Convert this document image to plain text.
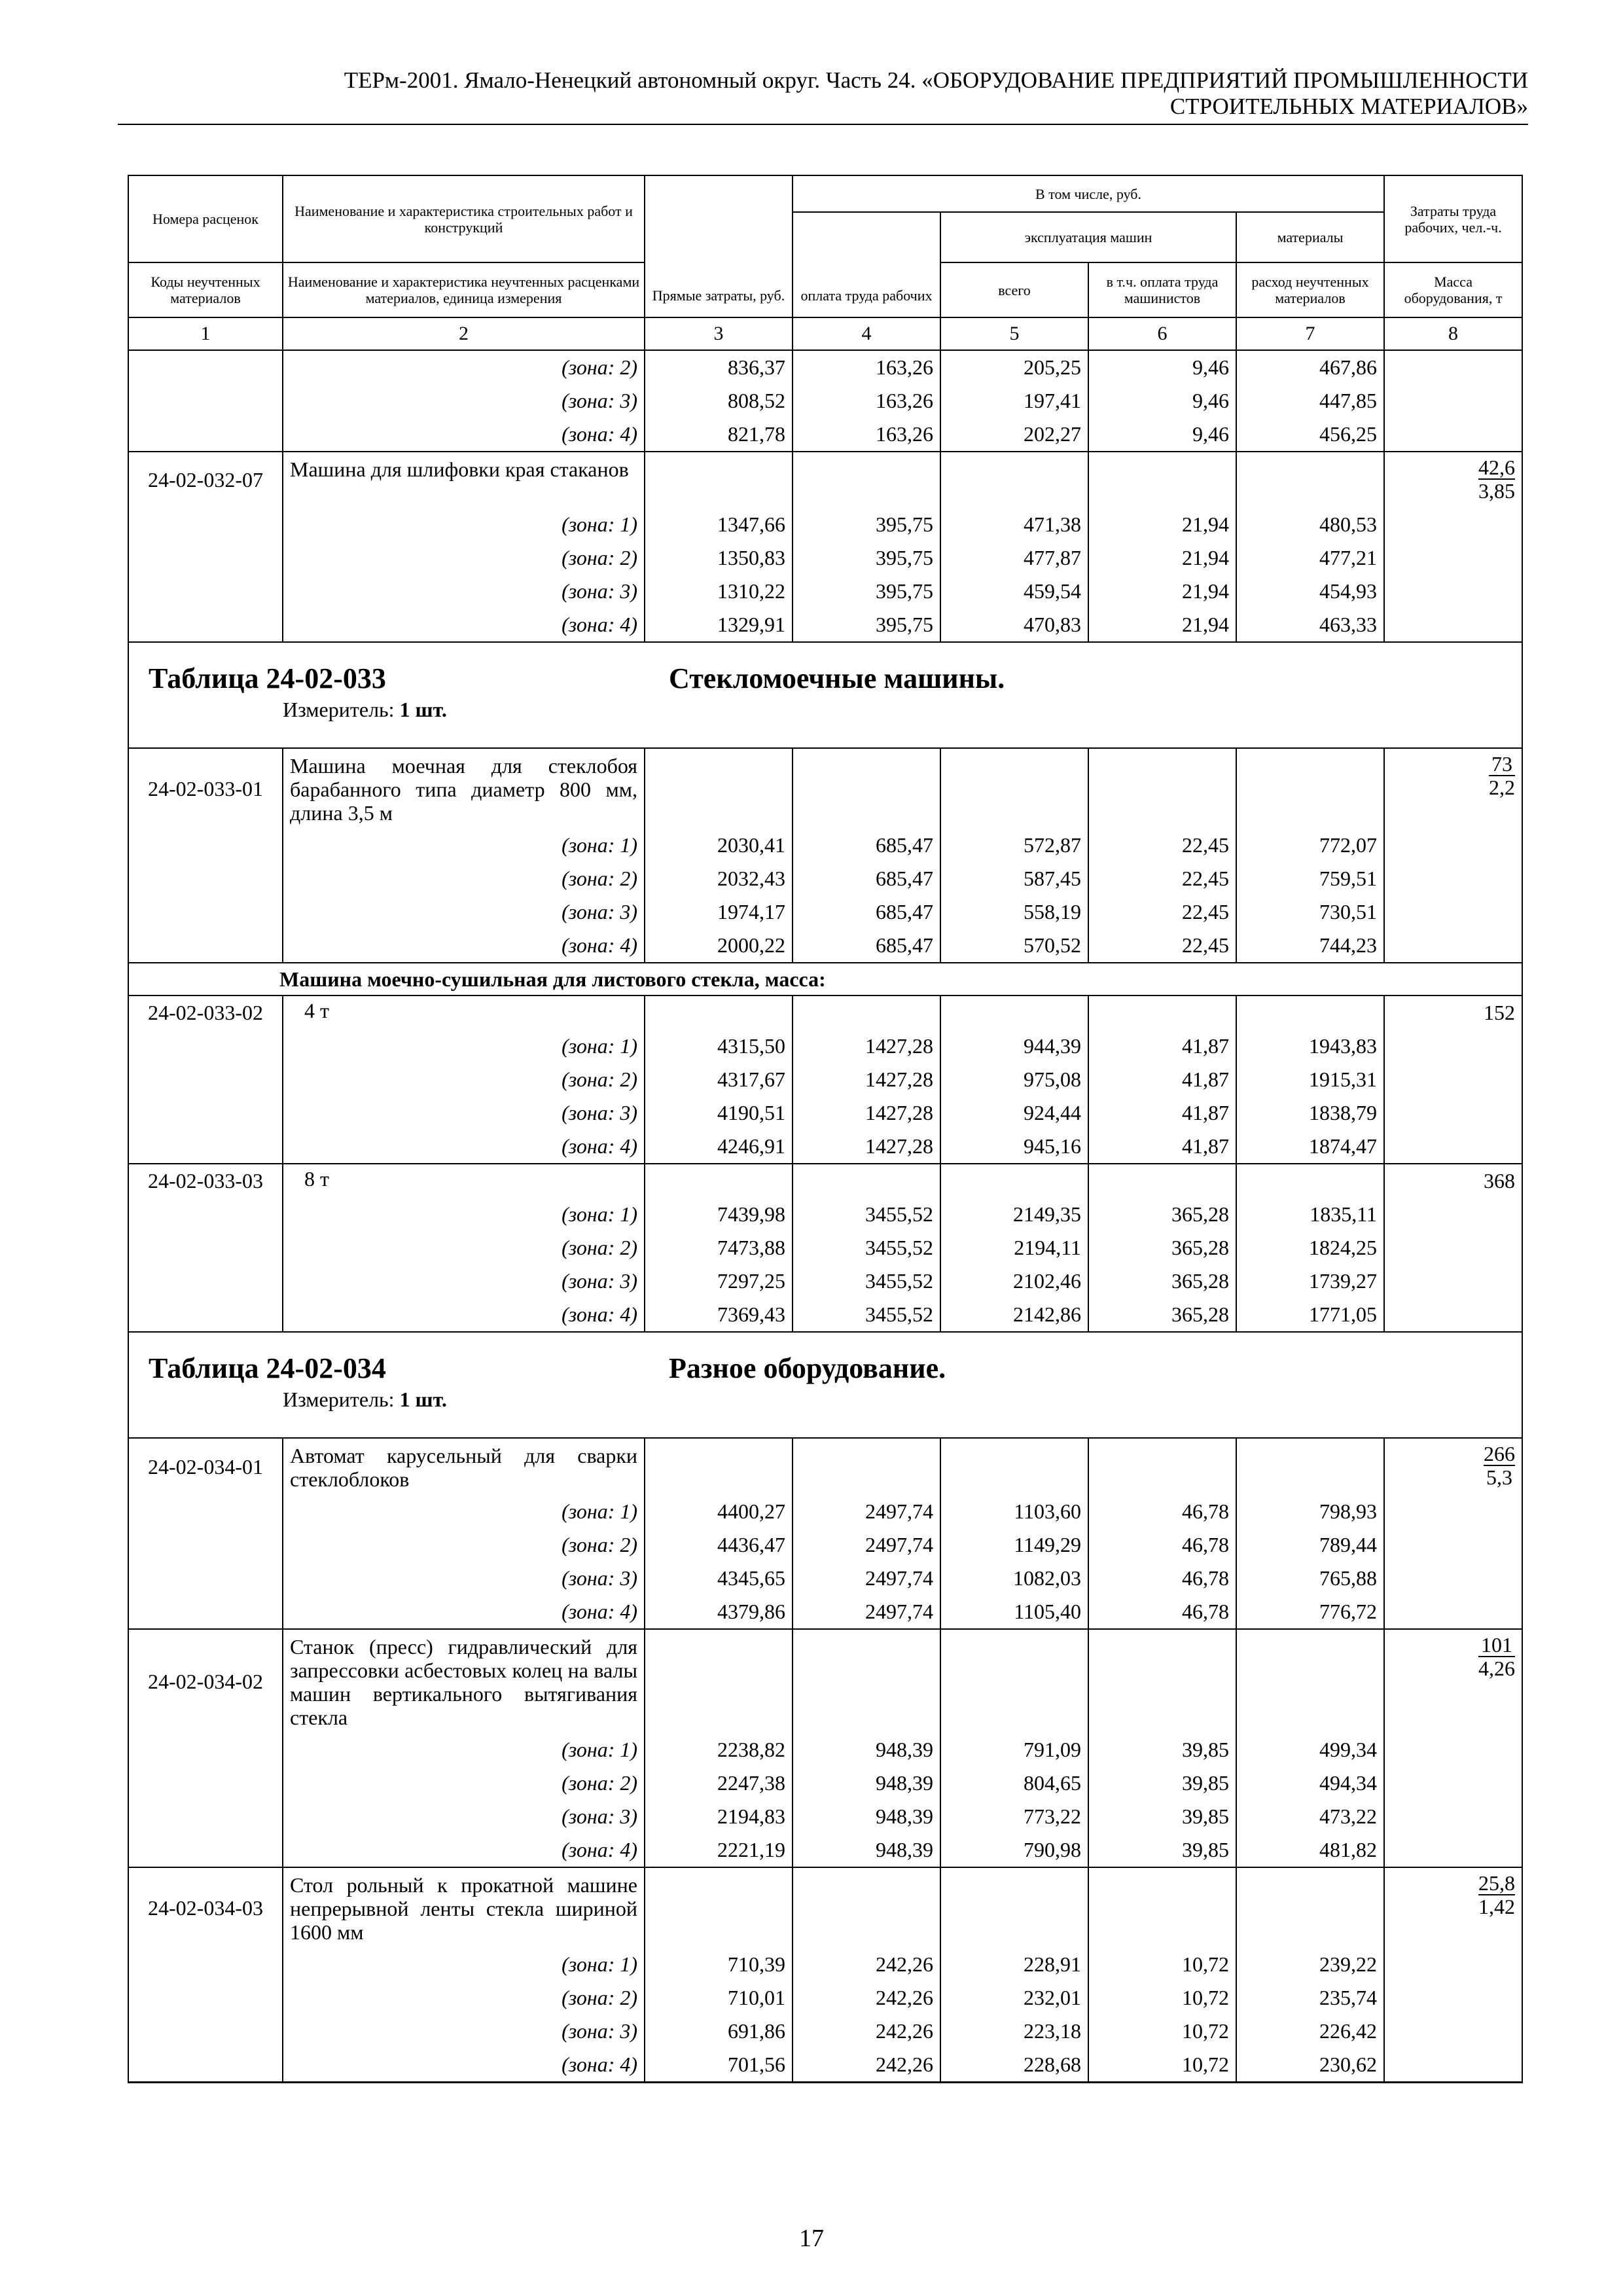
ТЕРм-2001. Ямало-Ненецкий автономный округ. Часть 24. «ОБОРУДОВАНИЕ ПРЕДПРИЯТИЙ ПРОМЫШЛЕННОСТИ
СТРОИТЕЛЬНЫХ МАТЕРИАЛОВ»
Номера расценок	Наименование и характеристика строительных работ и конструкций	Прямые затраты, руб.	В том числе, руб.				Затраты труда рабочих, чел.-ч.
			оплата труда рабочих	эксплуатация машин		материалы	
Коды неучтенных материалов	Наименование и характеристика неучтенных расценками материалов, единица измерения			всего	в т.ч. оплата труда машинистов	расход неучтенных материалов	Масса оборудования, т
1	2	3	4	5	6	7	8
	(зона: 2)	836,37	163,26	205,25	9,46	467,86	
	(зона: 3)	808,52	163,26	197,41	9,46	447,85	
	(зона: 4)	821,78	163,26	202,27	9,46	456,25	
24-02-032-07	Машина для шлифовки края стаканов						$\frac{42,6}{3,85}$

	(зона: 1)	1347,66	395,75	471,38	21,94	480,53	
	(зона: 2)	1350,83	395,75	477,87	21,94	477,21	
	(зона: 3)	1310,22	395,75	459,54	21,94	454,93	
	(зона: 4)	1329,91	395,75	470,83	21,94	463,33	

Таблица 24-02-033 Стекломоечные машины.
Измеритель: 1 шт.							

24-02-033-01	Машина моечная для стеклобоя барабанного типа диаметр 800 мм, длина 3,5 м						$\frac{73}{2,2}$

	(зона: 1)	2030,41	685,47	572,87	22,45	772,07	
	(зона: 2)	2032,43	685,47	587,45	22,45	759,51	
	(зона: 3)	1974,17	685,47	558,19	22,45	730,51	
	(зона: 4)	2000,22	685,47	570,52	22,45	744,23	
Машина моечно-сушильная для листового стекла, масса:							
24-02-033-02	4 т						152
	(зона: 1)	4315,50	1427,28	944,39	41,87	1943,83	
	(зона: 2)	4317,67	1427,28	975,08	41,87	1915,31	
	(зона: 3)	4190,51	1427,28	924,44	41,87	1838,79	
	(зона: 4)	4246,91	1427,28	945,16	41,87	1874,47	
24-02-033-03	8 т						368
	(зона: 1)	7439,98	3455,52	2149,35	365,28	1835,11	
	(зона: 2)	7473,88	3455,52	2194,11	365,28	1824,25	
	(зона: 3)	7297,25	3455,52	2102,46	365,28	1739,27	
	(зона: 4)	7369,43	3455,52	2142,86	365,28	1771,05	

Таблица 24-02-034 Разное оборудование.
Измеритель: 1 шт.							

24-02-034-01	Автомат карусельный для сварки стеклоблоков						$\frac{266}{5,3}$

	(зона: 1)	4400,27	2497,74	1103,60	46,78	798,93	
	(зона: 2)	4436,47	2497,74	1149,29	46,78	789,44	
	(зона: 3)	4345,65	2497,74	1082,03	46,78	765,88	
	(зона: 4)	4379,86	2497,74	1105,40	46,78	776,72	
24-02-034-02	Станок (пресс) гидравлический для запрессовки асбестовых колец на валы машин вертикального вытягивания стекла						$\frac{101}{4,26}$

	(зона: 1)	2238,82	948,39	791,09	39,85	499,34	
	(зона: 2)	2247,38	948,39	804,65	39,85	494,34	
	(зона: 3)	2194,83	948,39	773,22	39,85	473,22	
	(зона: 4)	2221,19	948,39	790,98	39,85	481,82	
24-02-034-03	Стол рольный к прокатной машине непрерывной ленты стекла шириной 1600 мм						$\frac{25,8}{1,42}$

	(зона: 1)	710,39	242,26	228,91	10,72	239,22	
	(зона: 2)	710,01	242,26	232,01	10,72	235,74	
	(зона: 3)	691,86	242,26	223,18	10,72	226,42	
	(зона: 4)	701,56	242,26	228,68	10,72	230,62	
17
